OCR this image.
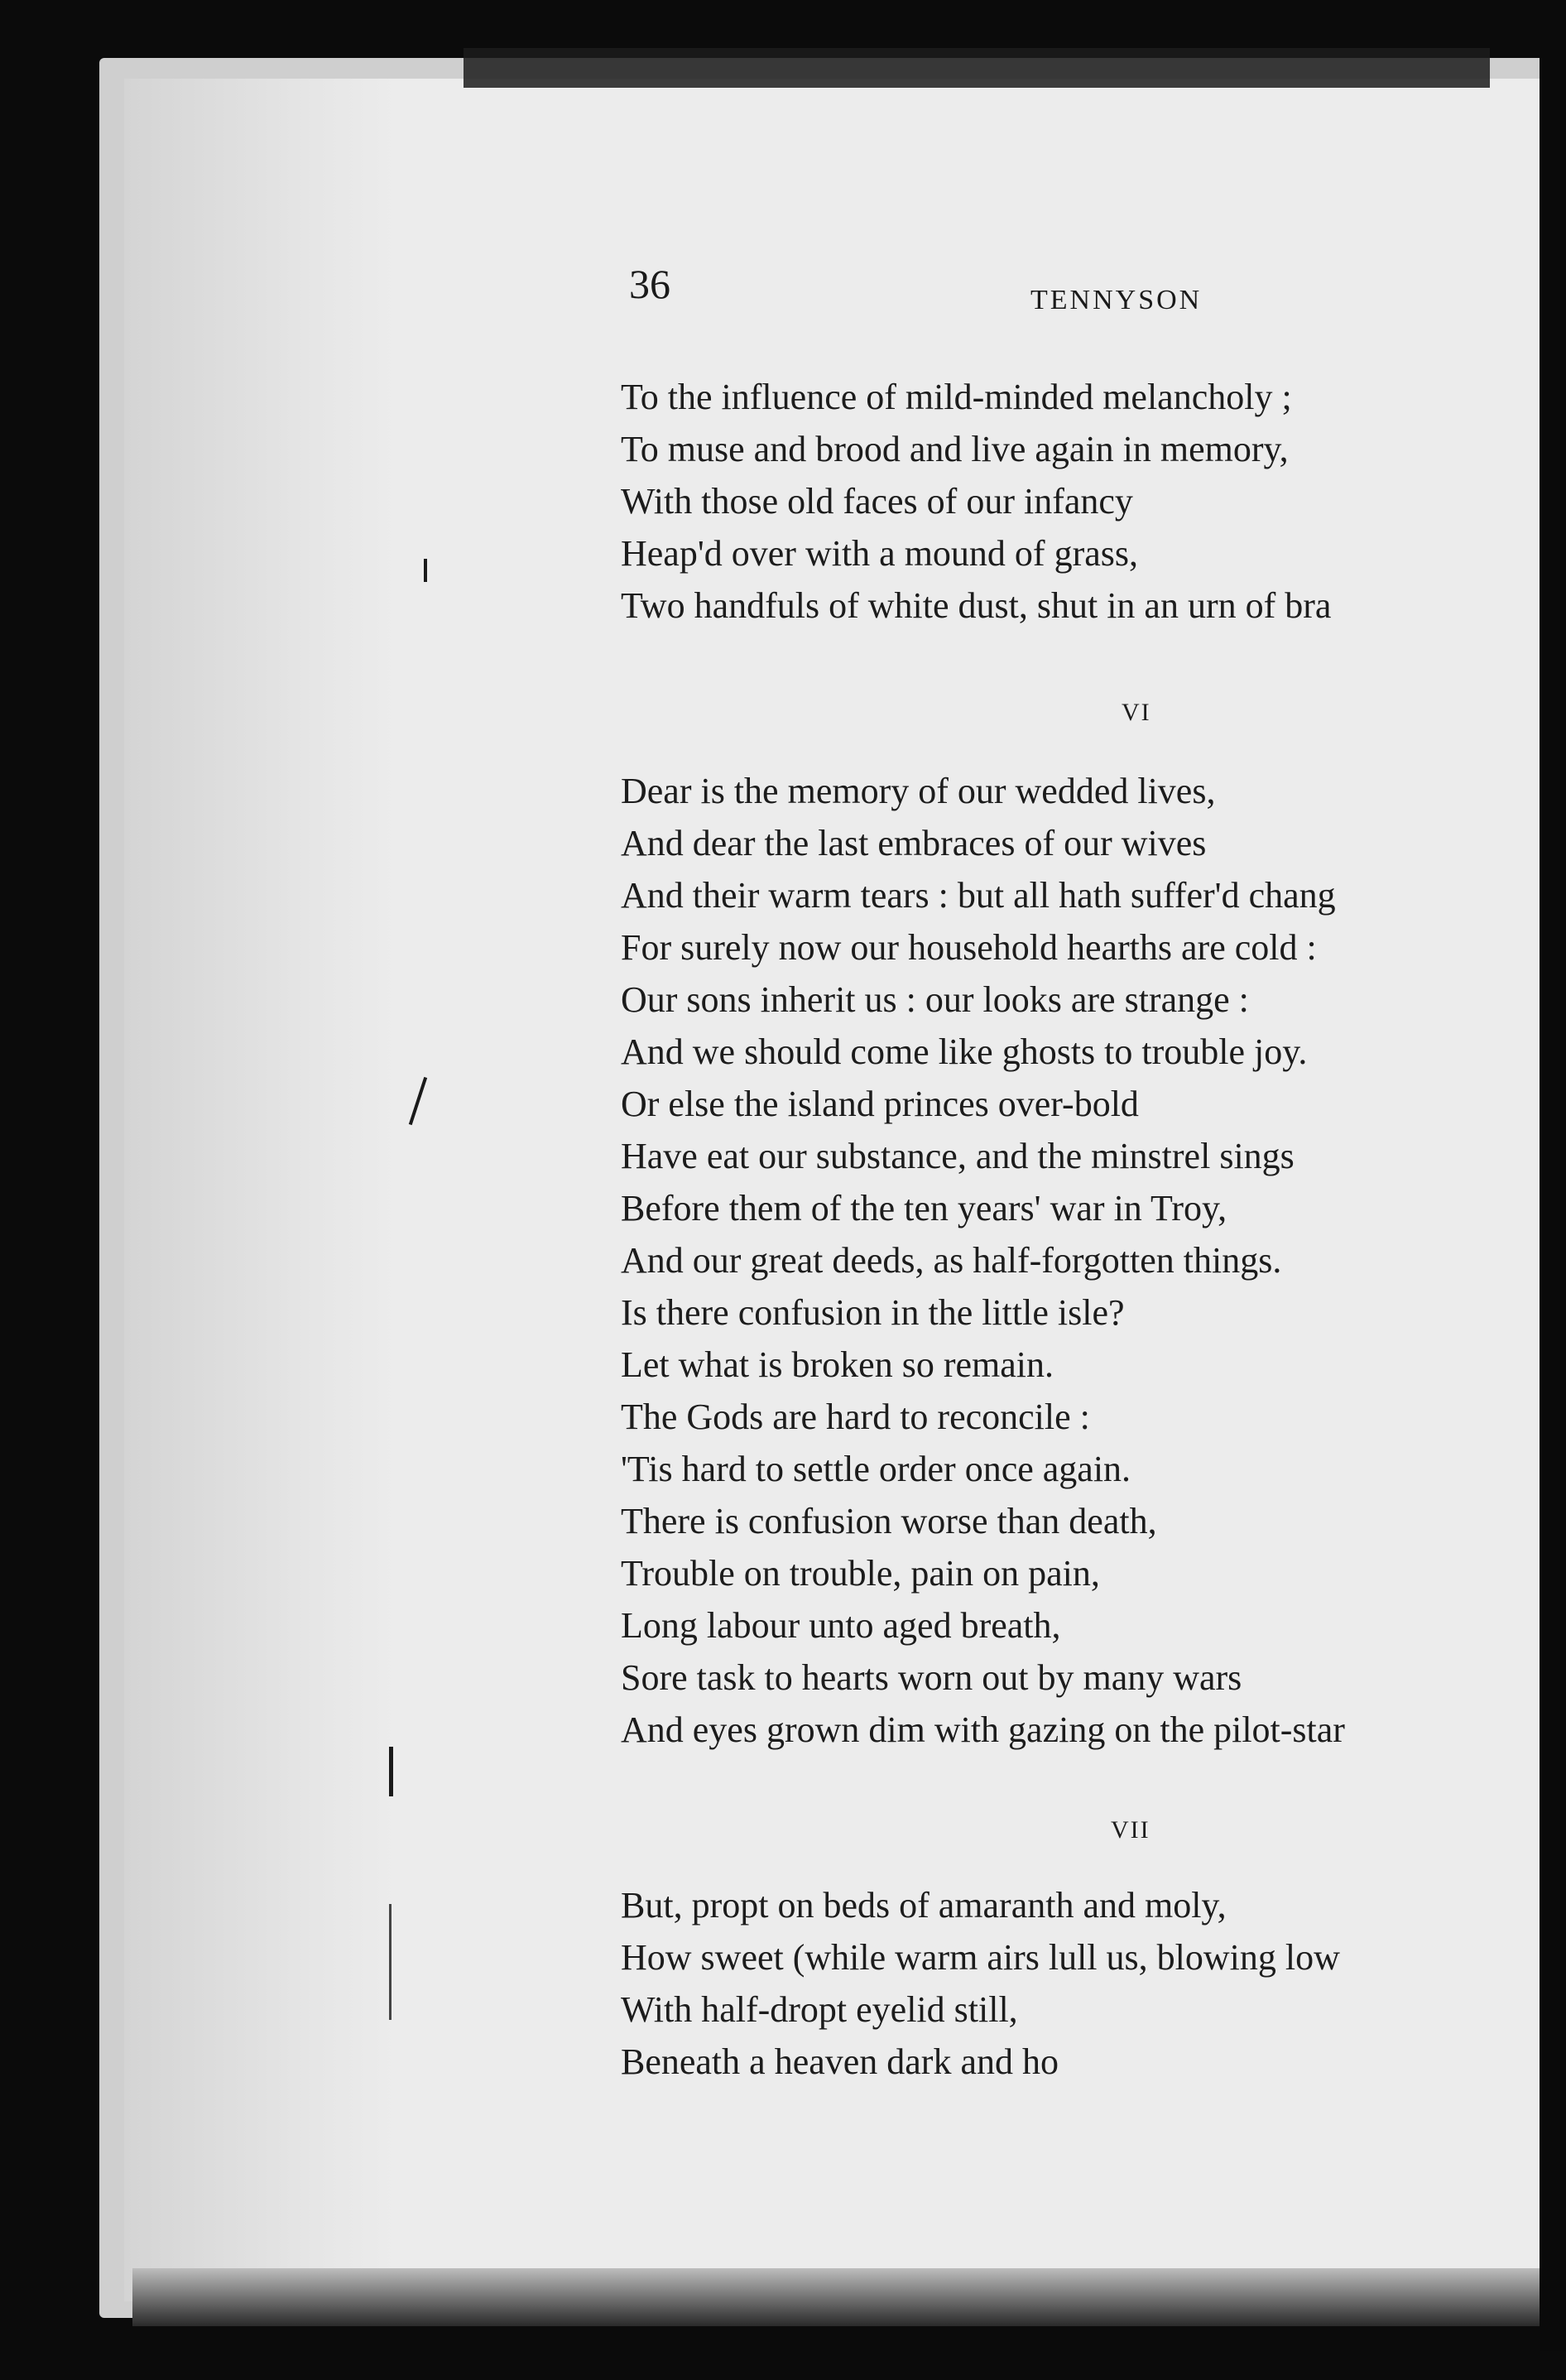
36	TENNYSON
To the influence of mild-minded melancholy ;
To muse and brood and live again in memory,
With those old faces of our infancy
Heap'd over with a mound of grass,
Two handfuls of white dust, shut in an urn of bra
VI
Dear is the memory of our wedded lives,
And dear the last embraces of our wives
And their warm tears : but all hath suffer'd chang
For surely now our household hearths are cold :
Our sons inherit us : our looks are strange :
And we should come like ghosts to trouble joy.
Or else the island princes over-bold
Have eat our substance, and the minstrel sings
Before them of the ten years' war in Troy,
And our great deeds, as half-forgotten things.
Is there confusion in the little isle?
Let what is broken so remain.
The Gods are hard to reconcile :
'Tis hard to settle order once again.
There is confusion worse than death,
Trouble on trouble, pain on pain,
Long labour unto aged breath,
Sore task to hearts worn out by many wars
And eyes grown dim with gazing on the pilot-star
VII
But, propt on beds of amaranth and moly,
How sweet (while warm airs lull us, blowing low
With half-dropt eyelid still,
Beneath a heaven dark and ho
